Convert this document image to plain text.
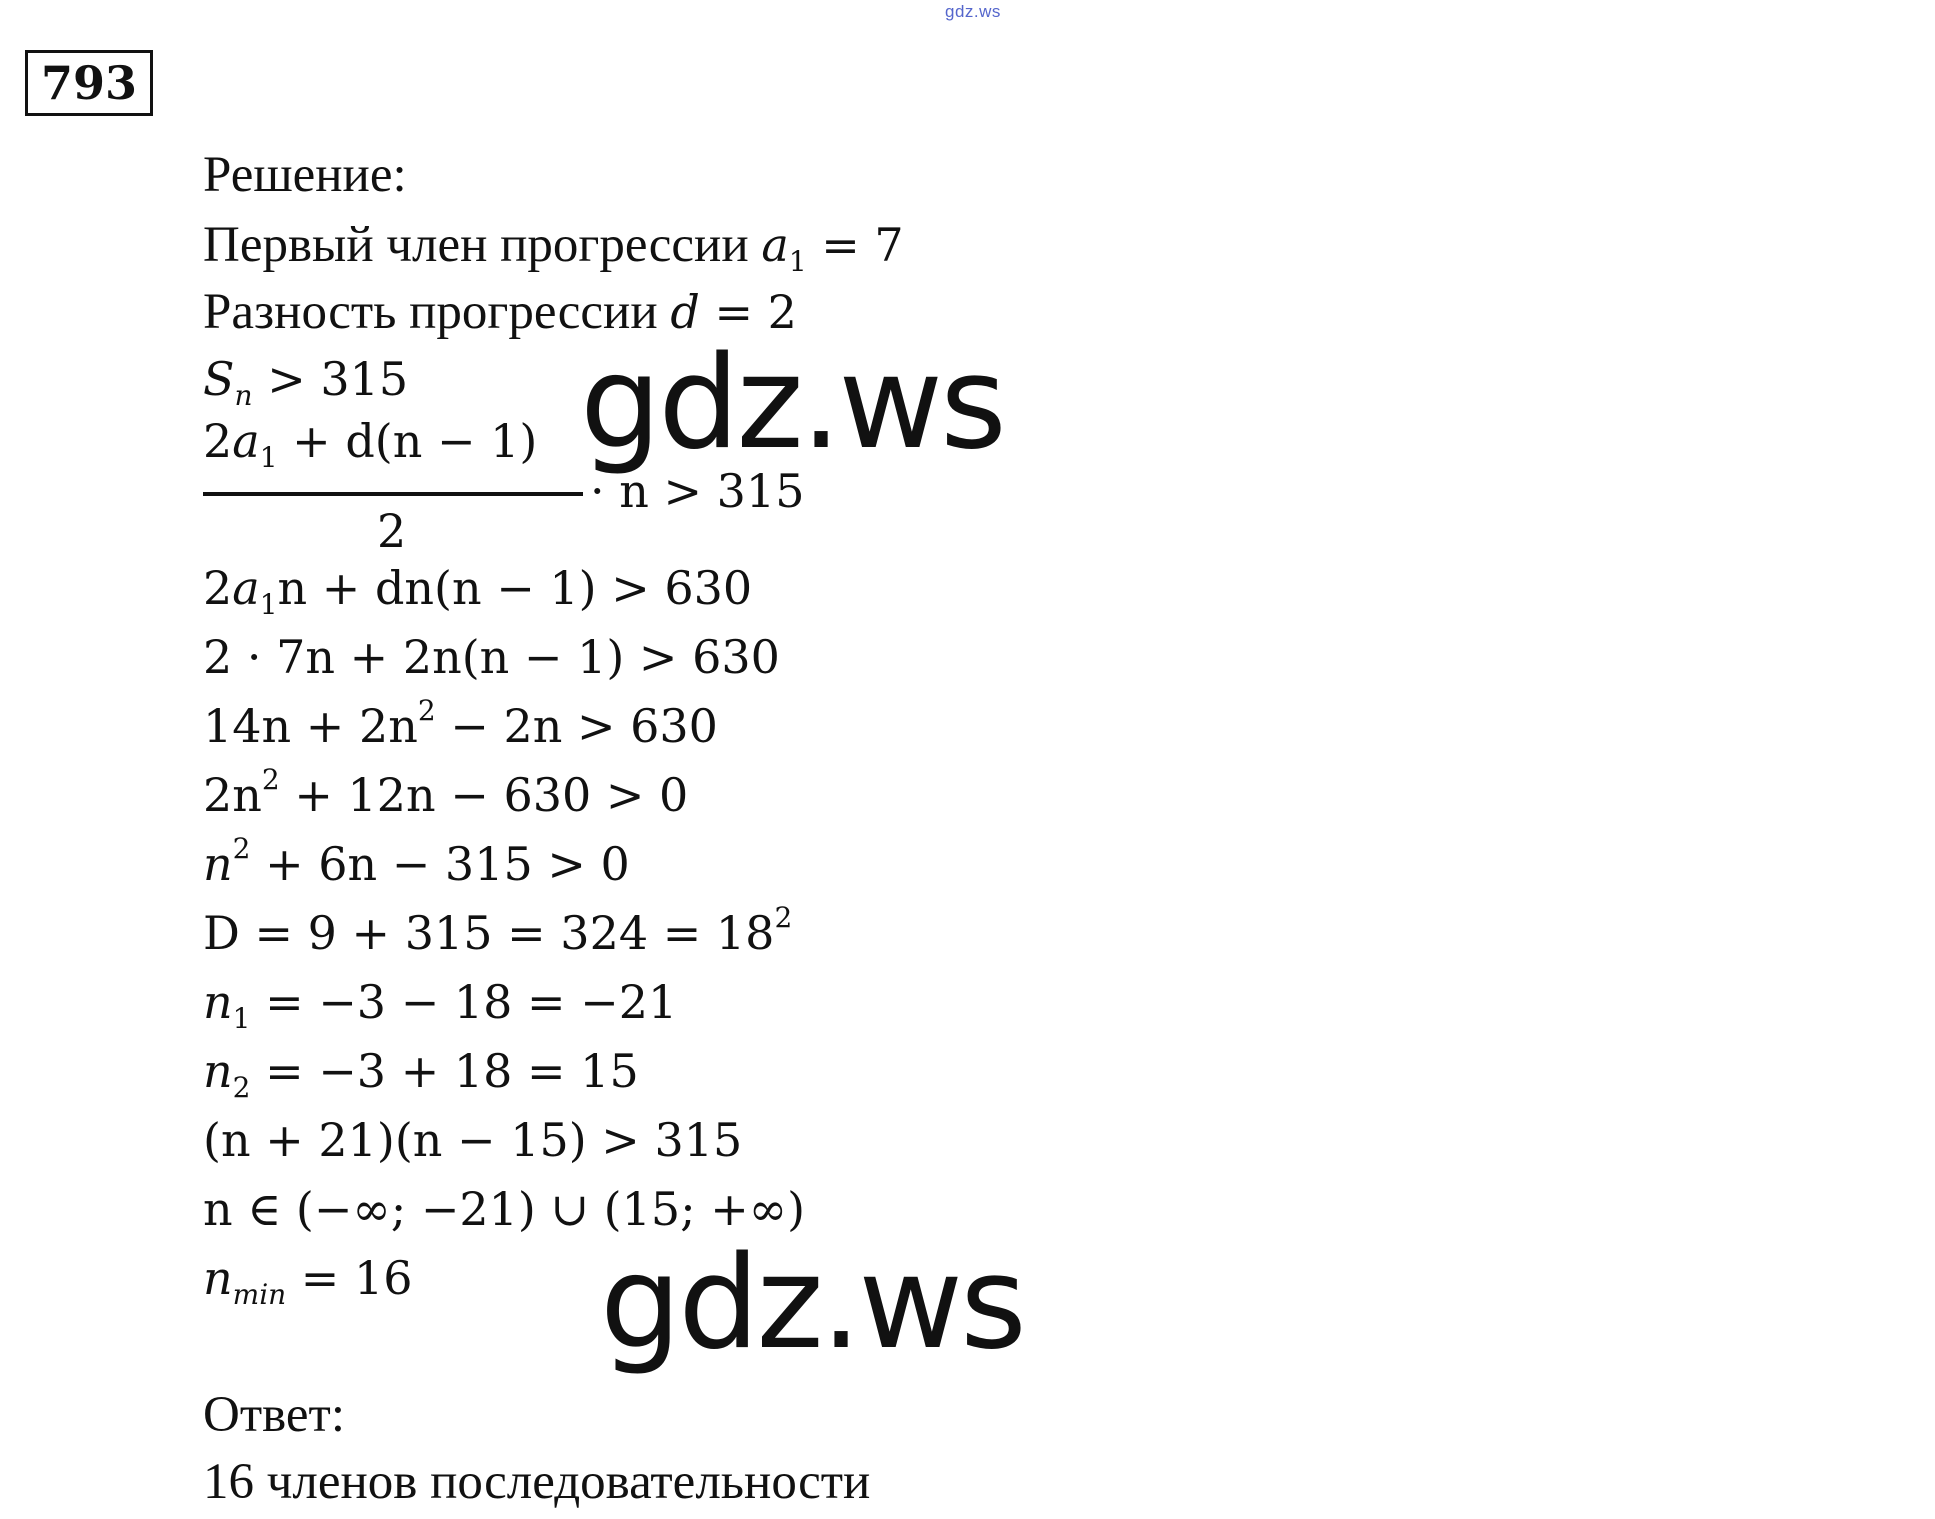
gdz.ws
793
Решение:
Первый член прогрессии $a_1 = 7$
Разность прогрессии d = 2
$S_n > 315$
$2a_1 + d(n - 1)$
2
· n > 315
$2a_1n + dn(n - 1) > 630$
2 · 7n + 2n(n − 1) > 630
$14n + 2n^2 - 2n > 630$
$2n^2 + 12n - 630 > 0$
$n^2 + 6n - 315 > 0$
$D = 9 + 315 = 324 = 18^2$
$n_1 = -3 - 18 = -21$
$n_2 = -3 + 18 = 15$
(n + 21)(n − 15) > 315
n ∈ (−∞; −21) ∪ (15; +∞)
$n_{min} = 16$
Ответ:
16 членов последовательности
gdz.ws
gdz.ws
